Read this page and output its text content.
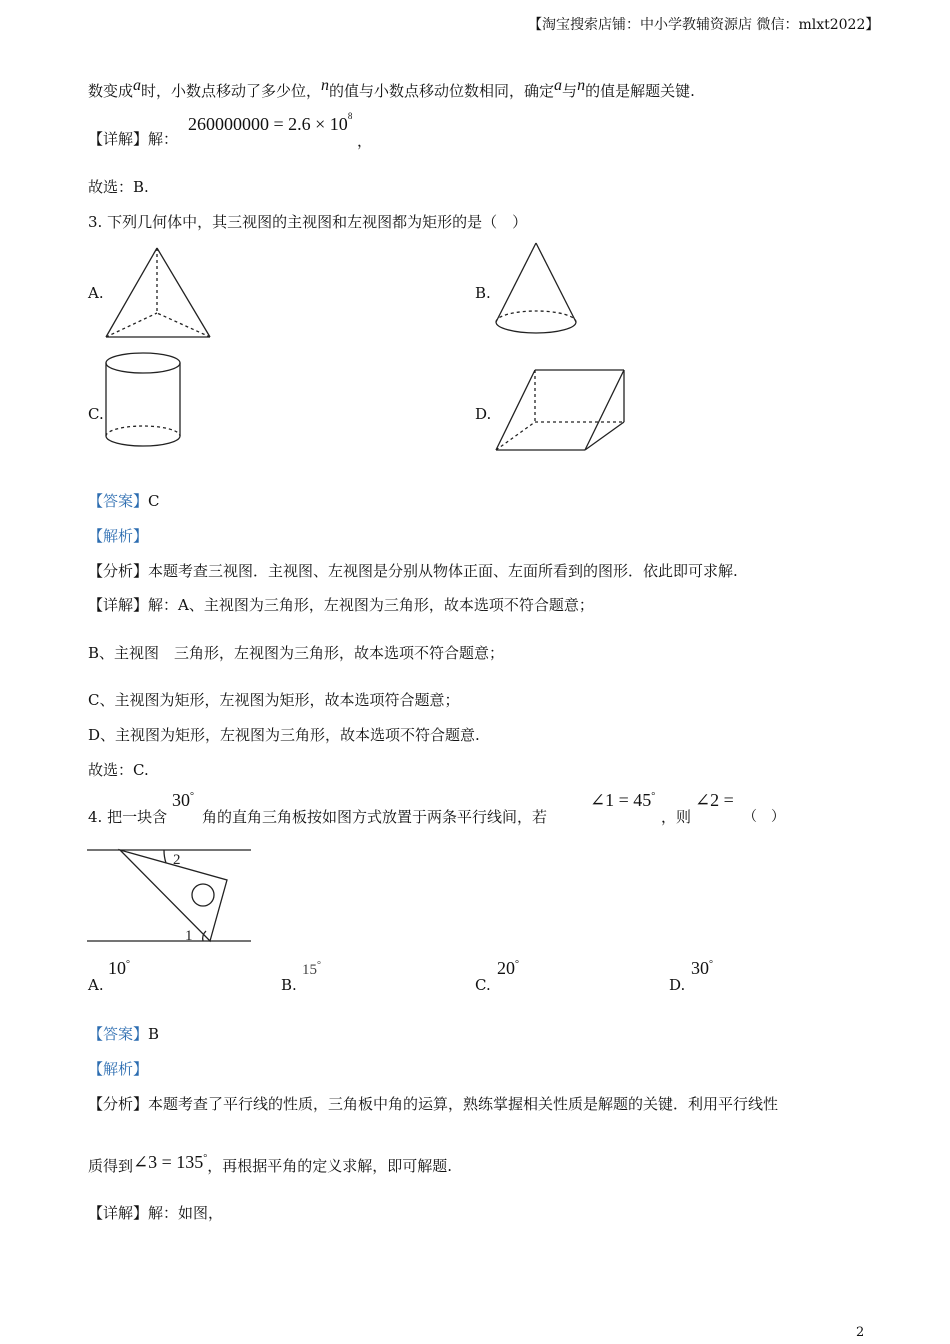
【淘宝搜索店铺：中小学教辅资源店 微信：mlxt2022】
数变成a时，小数点移动了多少位，n的值与小数点移动位数相同，确定a与n的值是解题关键.
【详解】解：
$260000000 = 2.6 \times 10^8$
，
故选：B.
3. 下列几何体中，其三视图的主视图和左视图都为矩形的是（　）
A.	B.
C.	D.
【答案】C
【解析】
【分析】本题考查三视图．主视图、左视图是分别从物体正面、左面所看到的图形．依此即可求解.
【详解】解：A、主视图为三角形，左视图为三角形，故本选项不符合题意；
B、主视图　三角形，左视图为三角形，故本选项不符合题意；
C、主视图为矩形，左视图为矩形，故本选项符合题意；
D、主视图为矩形，左视图为三角形，故本选项不符合题意.
故选：C.
4. 把一块含
30°
角的直角三角板按如图方式放置于两条平行线间，若
∠1 = 45°
，则
∠2 =
（　）
2
1
A.
10°
B.
15°
C.
20°
D.
30°
【答案】B
【解析】
【分析】本题考查了平行线的性质，三角板中角的运算，熟练掌握相关性质是解题的关键．利用平行线性
质得到∠3 = 135°，再根据平角的定义求解，即可解题.
【详解】解：如图，
2
